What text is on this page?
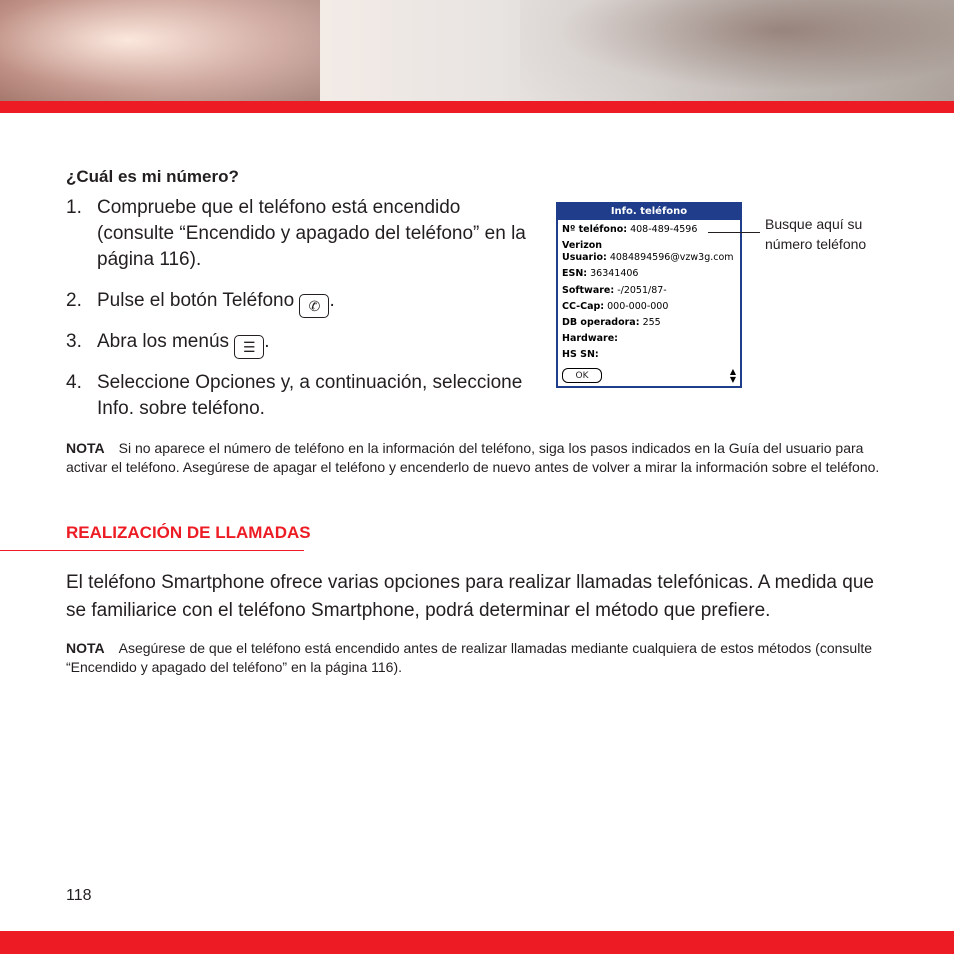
¿Cuál es mi número?
1. Compruebe que el teléfono está encendido (consulte “Encendido y apagado del teléfono” en la página 116).
2. Pulse el botón Teléfono ✆ .
3. Abra los menús ☰ .
4. Seleccione Opciones y, a continuación, seleccione Info. sobre teléfono.
Info. teléfono
Nº teléfono: 408-489-4596
Verizon
Usuario: 4084894596@vzw3g.com
ESN: 36341406
Software: -/2051/87-
CC-Cap: 000-000-000
DB operadora: 255
Hardware:
HS SN:
OK	▲
▼
Busque aquí su número teléfono
NOTA Si no aparece el número de teléfono en la información del teléfono, siga los pasos indicados en la Guía del usuario para activar el teléfono. Asegúrese de apagar el teléfono y encenderlo de nuevo antes de volver a mirar la información sobre el teléfono.
REALIZACIÓN DE LLAMADAS
El teléfono Smartphone ofrece varias opciones para realizar llamadas telefónicas. A medida que se familiarice con el teléfono Smartphone, podrá determinar el método que prefiere.
NOTA Asegúrese de que el teléfono está encendido antes de realizar llamadas mediante cualquiera de estos métodos (consulte “Encendido y apagado del teléfono” en la página 116).
118
